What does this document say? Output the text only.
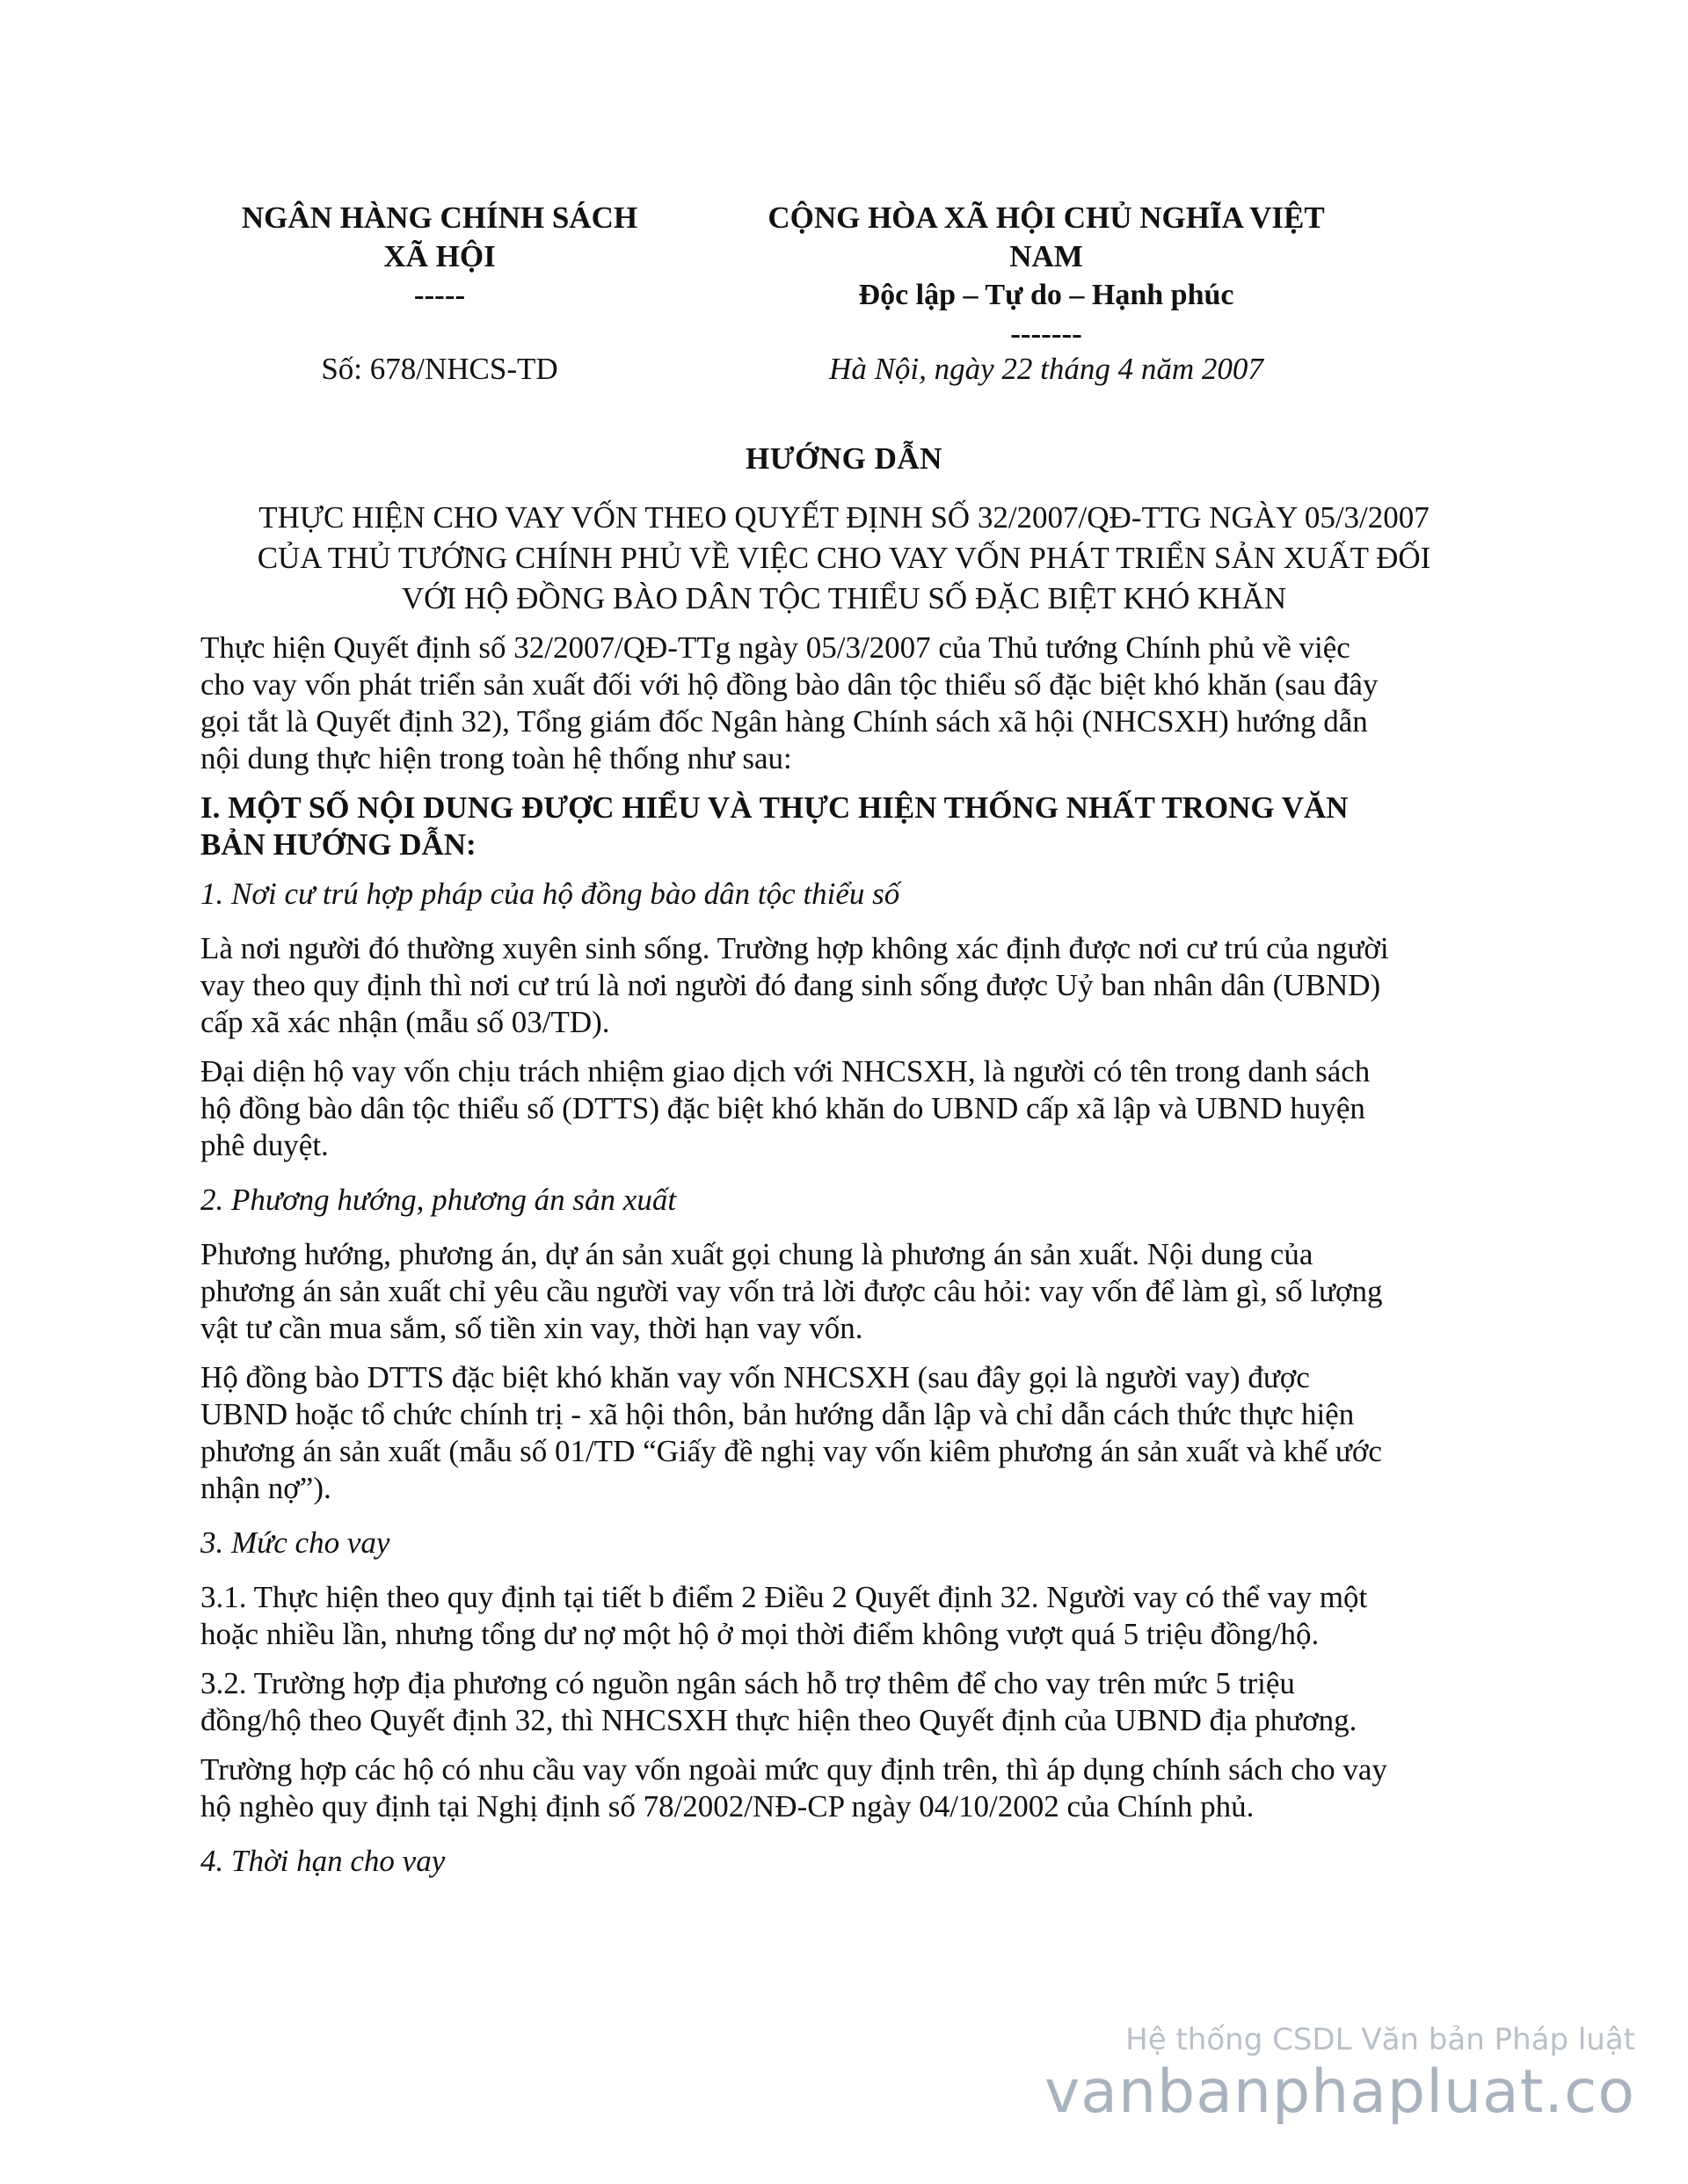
NGÂN HÀNG CHÍNH SÁCH
XÃ HỘI
-----
CỘNG HÒA XÃ HỘI CHỦ NGHĨA VIỆT
NAM
Độc lập – Tự do – Hạnh phúc
-------
Số: 678/NHCS-TD	Hà Nội, ngày 22 tháng 4 năm 2007
HƯỚNG DẪN
THỰC HIỆN CHO VAY VỐN THEO QUYẾT ĐỊNH SỐ 32/2007/QĐ-TTG NGÀY 05/3/2007
CỦA THỦ TƯỚNG CHÍNH PHỦ VỀ VIỆC CHO VAY VỐN PHÁT TRIỂN SẢN XUẤT ĐỐI
VỚI HỘ ĐỒNG BÀO DÂN TỘC THIỂU SỐ ĐẶC BIỆT KHÓ KHĂN

Thực hiện Quyết định số 32/2007/QĐ-TTg ngày 05/3/2007 của Thủ tướng Chính phủ về việc
cho vay vốn phát triển sản xuất đối với hộ đồng bào dân tộc thiểu số đặc biệt khó khăn (sau đây
gọi tắt là Quyết định 32), Tổng giám đốc Ngân hàng Chính sách xã hội (NHCSXH) hướng dẫn
nội dung thực hiện trong toàn hệ thống như sau:

I. MỘT SỐ NỘI DUNG ĐƯỢC HIỂU VÀ THỰC HIỆN THỐNG NHẤT TRONG VĂN
BẢN HƯỚNG DẪN:

1. Nơi cư trú hợp pháp của hộ đồng bào dân tộc thiểu số

Là nơi người đó thường xuyên sinh sống. Trường hợp không xác định được nơi cư trú của người
vay theo quy định thì nơi cư trú là nơi người đó đang sinh sống được Uỷ ban nhân dân (UBND)
cấp xã xác nhận (mẫu số 03/TD).

Đại diện hộ vay vốn chịu trách nhiệm giao dịch với NHCSXH, là người có tên trong danh sách
hộ đồng bào dân tộc thiểu số (DTTS) đặc biệt khó khăn do UBND cấp xã lập và UBND huyện
phê duyệt.

2. Phương hướng, phương án sản xuất

Phương hướng, phương án, dự án sản xuất gọi chung là phương án sản xuất. Nội dung của
phương án sản xuất chỉ yêu cầu người vay vốn trả lời được câu hỏi: vay vốn để làm gì, số lượng
vật tư cần mua sắm, số tiền xin vay, thời hạn vay vốn.

Hộ đồng bào DTTS đặc biệt khó khăn vay vốn NHCSXH (sau đây gọi là người vay) được
UBND hoặc tổ chức chính trị - xã hội thôn, bản hướng dẫn lập và chỉ dẫn cách thức thực hiện
phương án sản xuất (mẫu số 01/TD “Giấy đề nghị vay vốn kiêm phương án sản xuất và khế ước
nhận nợ”).

3. Mức cho vay

3.1. Thực hiện theo quy định tại tiết b điểm 2 Điều 2 Quyết định 32. Người vay có thể vay một
hoặc nhiều lần, nhưng tổng dư nợ một hộ ở mọi thời điểm không vượt quá 5 triệu đồng/hộ.

3.2. Trường hợp địa phương có nguồn ngân sách hỗ trợ thêm để cho vay trên mức 5 triệu
đồng/hộ theo Quyết định 32, thì NHCSXH thực hiện theo Quyết định của UBND địa phương.

Trường hợp các hộ có nhu cầu vay vốn ngoài mức quy định trên, thì áp dụng chính sách cho vay
hộ nghèo quy định tại Nghị định số 78/2002/NĐ-CP ngày 04/10/2002 của Chính phủ.

4. Thời hạn cho vay

Hệ thống CSDL Văn bản Pháp luật
vanbanphapluat.co
